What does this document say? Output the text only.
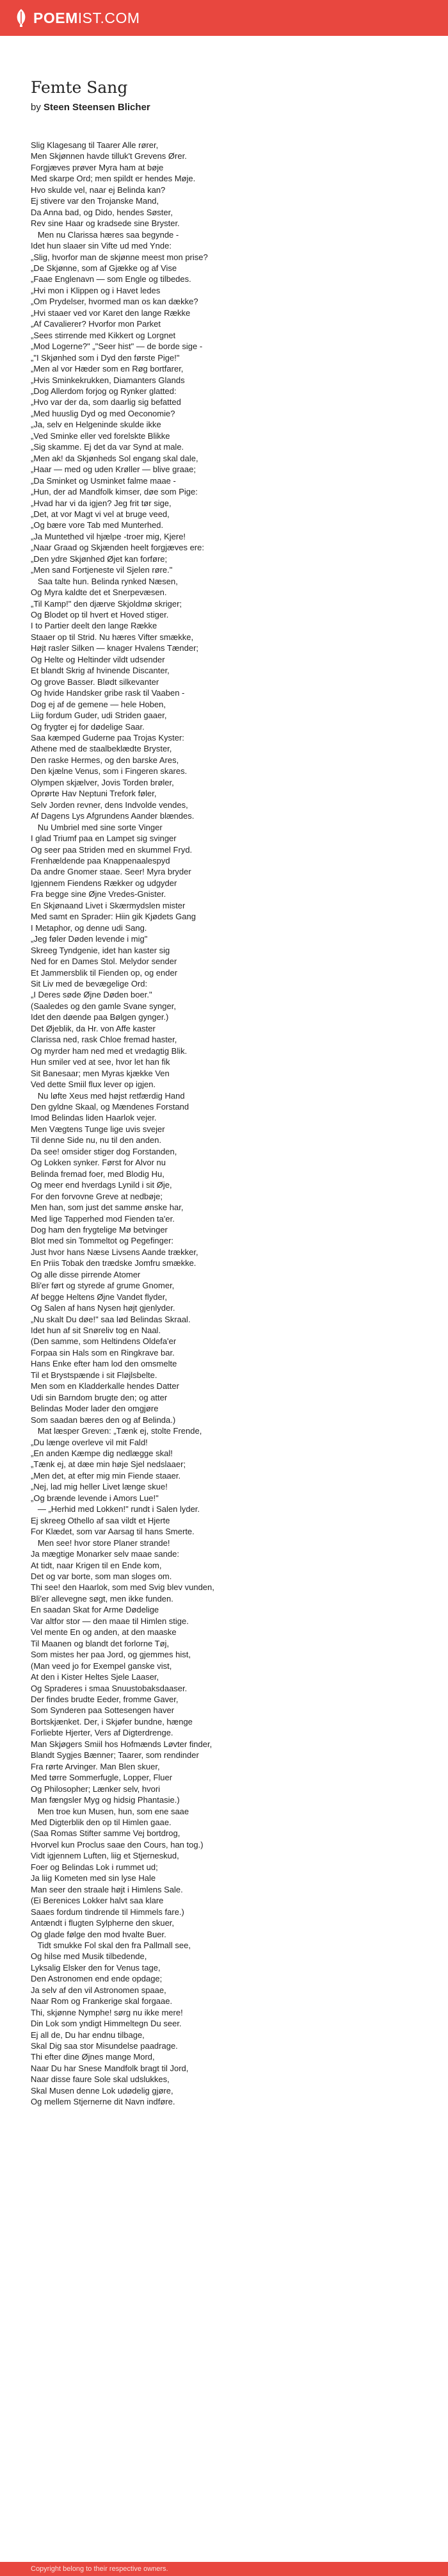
POEMIST.COM
Femte Sang
by Steen Steensen Blicher
Slig Klagesang til Taarer Alle rører,
Men Skjønnen havde tilluk't Grevens Ører.
Forgjæves prøver Myra ham at bøje
Med skarpe Ord; men spildt er hendes Møje.
Hvo skulde vel, naar ej Belinda kan?
Ej stivere var den Trojanske Mand,
Da Anna bad, og Dido, hendes Søster,
Rev sine Haar og kradsede sine Bryster.
Men nu Clarissa hæres saa begynde -
Idet hun slaaer sin Vifte ud med Ynde:
„Slig, hvorfor man de skjønne meest mon prise?
„De Skjønne, som af Gjække og af Vise
„Faae Englenavn — som Engle og tilbedes.
„Hvi mon i Klippen og i Havet ledes
„Om Prydelser, hvormed man os kan dække?
„Hvi staaer ved vor Karet den lange Række
„Af Cavalierer? Hvorfor mon Parket
„Sees stirrende med Kikkert og Lorgnet
„Mod Logerne?" „"Seer hist" — de borde sige -
„"I Skjønhed som i Dyd den første Pige!"
„Men al vor Hæder som en Røg bortfarer,
„Hvis Sminkekrukken, Diamanters Glands
„Dog Allerdom forjog og Rynker glatted:
„Hvo var der da, som daarlig sig befatted
„Med huuslig Dyd og med Oeconomie?
„Ja, selv en Helgeninde skulde ikke
„Ved Sminke eller ved forelskte Blikke
„Sig skamme. Ej det da var Synd at male.
„Men ak! da Skjønheds Sol engang skal dale,
„Haar — med og uden Krøller — blive graae;
„Da Sminket og Usminket falme maae -
„Hun, der ad Mandfolk kimser, døe som Pige:
„Hvad har vi da igjen? Jeg frit tør sige,
„Det, at vor Magt vi vel at bruge veed,
„Og bære vore Tab med Munterhed.
„Ja Muntethed vil hjælpe -troer mig, Kjere!
„Naar Graad og Skjænden heelt forgjæves ere:
„Den ydre Skjønhed Øjet kan forføre;
„Men sand Fortjeneste vil Sjelen røre."
Saa talte hun. Belinda rynked Næsen,
Og Myra kaldte det et Snerpevæsen.
„Til Kamp!" den djærve Skjoldmø skriger;
Og Blodet op til hvert et Hoved stiger.
I to Partier deelt den lange Række
Staaer op til Strid. Nu hæres Vifter smække,
Højt rasler Silken — knager Hvalens Tænder;
Og Helte og Heltinder vildt udsender
Et blandt Skrig af hvinende Discanter,
Og grove Basser. Blødt silkevanter
Og hvide Handsker gribe rask til Vaaben -
Dog ej af de gemene — hele Hoben,
Liig fordum Guder, udi Striden gaaer,
Og frygter ej for dødelige Saar.
Saa kæmped Guderne paa Trojas Kyster:
Athene med de staalbeklædte Bryster,
Den raske Hermes, og den barske Ares,
Den kjælne Venus, som i Fingeren skares.
Olympen skjælver, Jovis Torden brøler,
Oprørte Hav Neptuni Trefork føler,
Selv Jorden revner, dens Indvolde vendes,
Af Dagens Lys Afgrundens Aander blændes.
Nu Umbriel med sine sorte Vinger
I glad Triumf paa en Lampet sig svinger
Og seer paa Striden med en skummel Fryd.
Frenhældende paa Knappenaalespyd
Da andre Gnomer staae. Seer! Myra bryder
Igjennem Fiendens Rækker og udgyder
Fra begge sine Øjne Vredes-Gnister.
En Skjønaand Livet i Skærmydslen mister
Med samt en Sprader: Hiin gik Kjødets Gang
I Metaphor, og denne udi Sang.
„Jeg føler Døden levende i mig"
Skreeg Tyndgenie, idet han kaster sig
Ned for en Dames Stol. Melydor sender
Et Jammersblik til Fienden op, og ender
Sit Liv med de bevægelige Ord:
„I Deres søde Øjne Døden boer."
(Saaledes og den gamle Svane synger,
Idet den døende paa Bølgen gynger.)
Det Øjeblik, da Hr. von Affe kaster
Clarissa ned, rask Chloe fremad haster,
Og myrder ham ned med et vredagtig Blik.
Hun smiler ved at see, hvor let han fik
Sit Banesaar; men Myras kjække Ven
Ved dette Smiil flux lever op igjen.
Nu løfte Xeus med højst retfærdig Hand
Den gyldne Skaal, og Mændenes Forstand
Imod Belindas liden Haarlok vejer.
Men Vægtens Tunge lige uvis svejer
Til denne Side nu, nu til den anden.
Da see! omsider stiger dog Forstanden,
Og Lokken synker. Først for Alvor nu
Belinda fremad foer, med Blodig Hu,
Og meer end hverdags Lynild i sit Øje,
For den forvovne Greve at nedbøje;
Men han, som just det samme ønske har,
Med lige Tapperhed mod Fienden ta'er.
Dog ham den frygtelige Mø betvinger
Blot med sin Tommeltot og Pegefinger:
Just hvor hans Næse Livsens Aande trækker,
En Priis Tobak den trædske Jomfru smække.
Og alle disse pirrende Atomer
Bli'er ført og styrede af grume Gnomer,
Af begge Heltens Øjne Vandet flyder,
Og Salen af hans Nysen højt gjenlyder.
„Nu skalt Du døe!" saa lød Belindas Skraal.
Idet hun af sit Snøreliv tog en Naal.
(Den samme, som Heltindens Oldefa'er
Forpaa sin Hals som en Ringkrave bar.
Hans Enke efter ham lod den omsmelte
Til et Brystspænde i sit Fløjlsbelte.
Men som en Kladderkalle hendes Datter
Udi sin Barndom brugte den; og atter
Belindas Moder lader den omgjøre
Som saadan bæres den og af Belinda.)
Mat læsper Greven: „Tænk ej, stolte Frende,
„Du længe overleve vil mit Fald!
„En anden Kæmpe dig nedlægge skal!
„Tænk ej, at dæe min høje Sjel nedslaaer;
„Men det, at efter mig min Fiende staaer.
„Nej, lad mig heller Livet længe skue!
„Og brænde levende i Amors Lue!"
— „Herhid med Lokken!" rundt i Salen lyder.
Ej skreeg Othello af saa vildt et Hjerte
For Klædet, som var Aarsag til hans Smerte.
Men see! hvor store Planer strande!
Ja mægtige Monarker selv maae sande:
At tidt, naar Krigen til en Ende kom,
Det og var borte, som man sloges om.
Thi see! den Haarlok, som med Svig blev vunden,
Bli'er allevegne søgt, men ikke funden.
En saadan Skat for Arme Dødelige
Var altfor stor — den maae til Himlen stige.
Vel mente En og anden, at den maaske
Til Maanen og blandt det forlorne Tøj,
Som mistes her paa Jord, og gjemmes hist,
(Man veed jo for Exempel ganske vist,
At den i Kister Heltes Sjele Laaser,
Og Spraderes i smaa Snuustobaksdaaser.
Der findes brudte Eeder, fromme Gaver,
Som Synderen paa Sottesengen haver
Bortskjænket. Der, i Skjøfer bundne, hænge
Forliebte Hjerter, Vers af Digterdrenge.
Man Skjøgers Smiil hos Hofmænds Løvter finder,
Blandt Sygjes Bænner; Taarer, som rendinder
Fra rørte Arvinger. Man Blen skuer,
Med tørre Sommerfugle, Lopper, Fluer
Og Philosopher; Lænker selv, hvori
Man fængsler Myg og hidsig Phantasie.)
Men troe kun Musen, hun, som ene saae
Med Digterblik den op til Himlen gaae.
(Saa Romas Stifter samme Vej bortdrog,
Hvorvel kun Proclus saae den Cours, han tog.)
Vidt igjennem Luften, liig et Stjerneskud,
Foer og Belindas Lok i rummet ud;
Ja liig Kometen med sin lyse Hale
Man seer den straale højt i Himlens Sale.
(Ei Berenices Lokker halvt saa klare
Saaes fordum tindrende til Himmels fare.)
Antændt i flugten Sylpherne den skuer,
Og glade følge den mod hvalte Buer.
Tidt smukke Fol skal den fra Pallmall see,
Og hilse med Musik tilbedende,
Lyksalig Elsker den for Venus tage,
Den Astronomen end ende opdage;
Ja selv af den vil Astronomen spaae,
Naar Rom og Frankerige skal forgaae.
Thi, skjønne Nymphe! sørg nu ikke mere!
Din Lok som yndigt Himmeltegn Du seer.
Ej all de, Du har endnu tilbage,
Skal Dig saa stor Misundelse paadrage.
Thi efter dine Øjnes mange Mord,
Naar Du har Snese Mandfolk bragt til Jord,
Naar disse faure Sole skal udslukkes,
Skal Musen denne Lok udødelig gjøre,
Og mellem Stjernerne dit Navn indføre.
Copyright belong to their respective owners.
